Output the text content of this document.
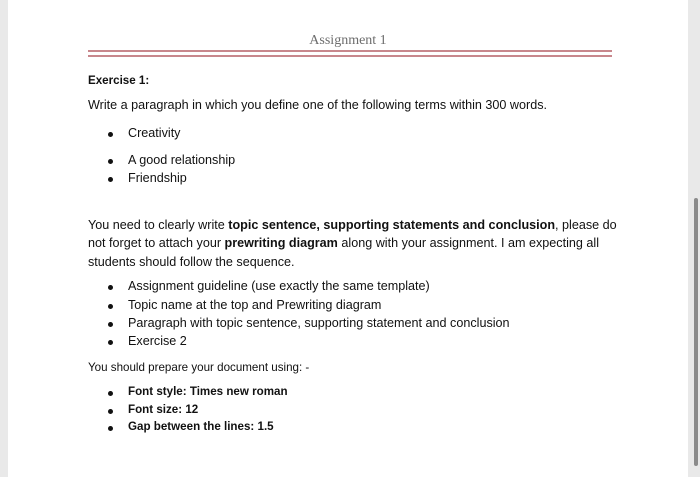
Assignment 1
Exercise 1:
Write a paragraph in which you define one of the following terms within 300 words.
Creativity
A good relationship
Friendship
You need to clearly write topic sentence, supporting statements and conclusion, please do not forget to attach your prewriting diagram along with your assignment. I am expecting all students should follow the sequence.
Assignment guideline (use exactly the same template)
Topic name at the top and Prewriting diagram
Paragraph with topic sentence, supporting statement and conclusion
Exercise 2
You should prepare your document using: -
Font style: Times new roman
Font size: 12
Gap between the lines: 1.5
